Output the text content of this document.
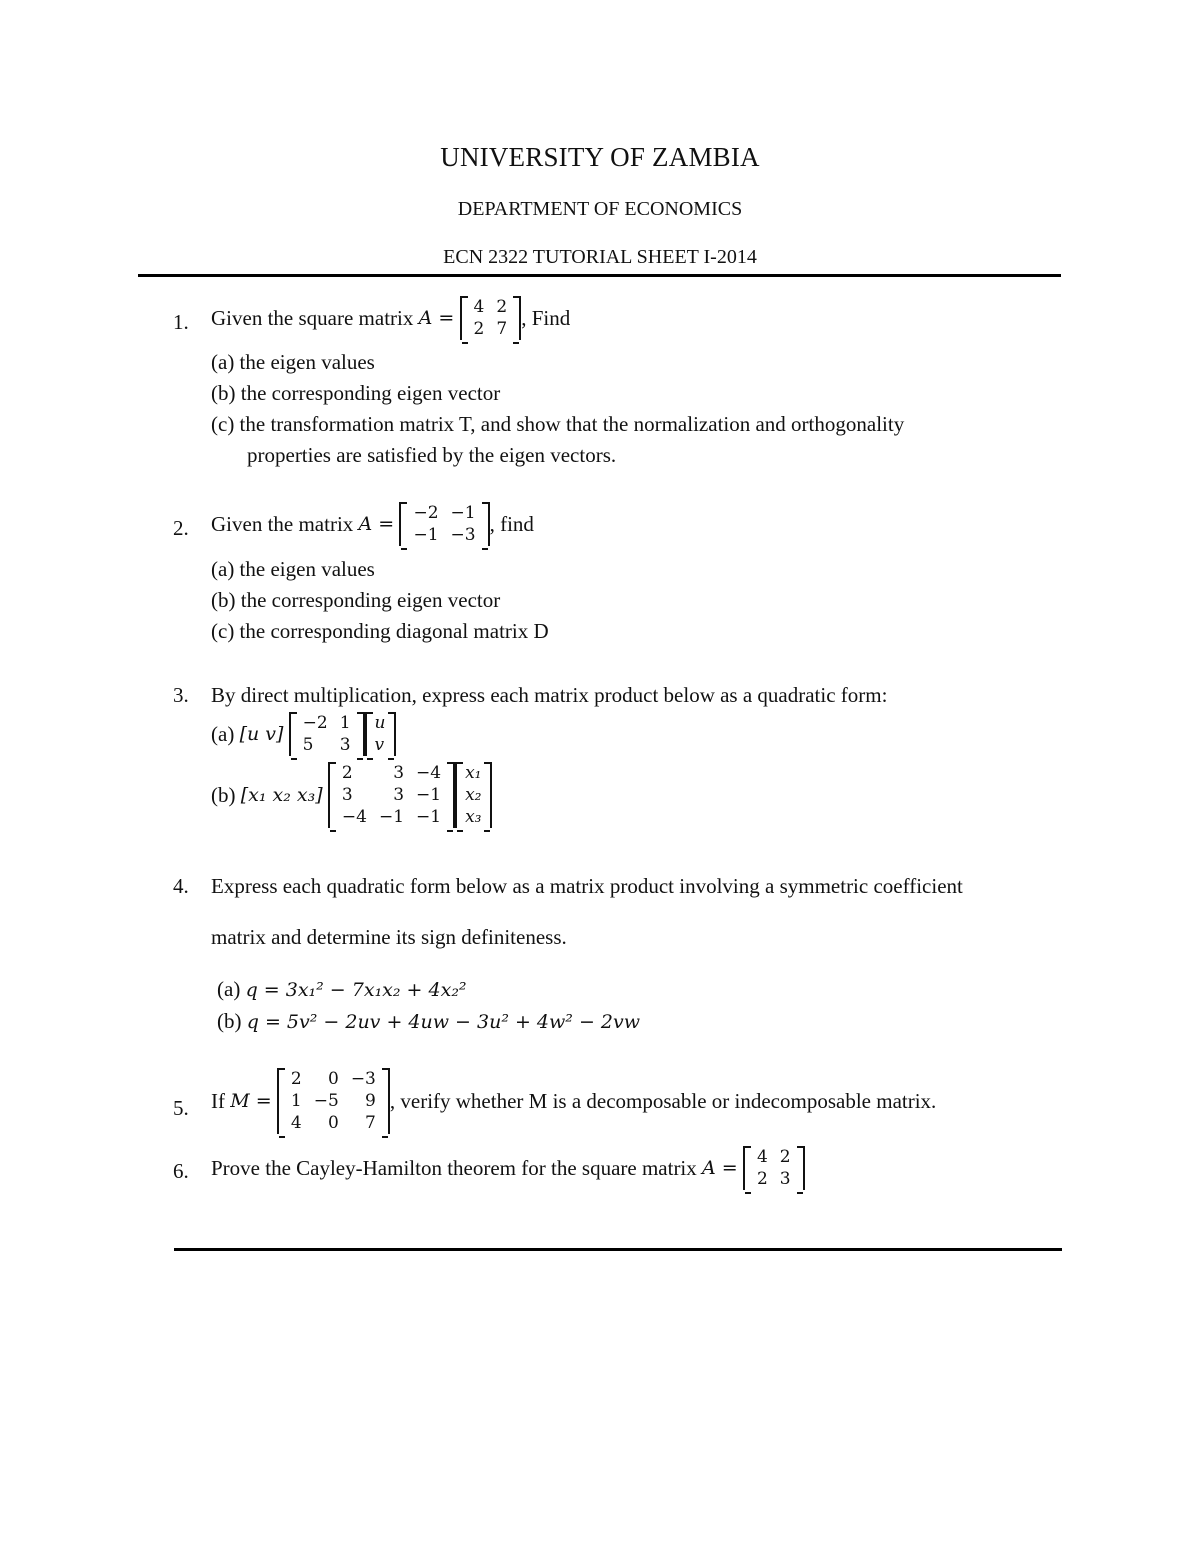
UNIVERSITY OF ZAMBIA
DEPARTMENT OF ECONOMICS
ECN 2322 TUTORIAL SHEET I-2014
1. Given the square matrix
A =
4	2
2	7 , Find
(a) the eigen values
(b) the corresponding eigen vector
(c) the transformation matrix T, and show that the normalization and orthogonality
properties are satisfied by the eigen vectors.
2. Given the matrix
A =
−2	−1
−1	−3 , find
(a) the eigen values
(b) the corresponding eigen vector
(c) the corresponding diagonal matrix D
3. By direct multiplication, express each matrix product below as a quadratic form:
(a)
[u v]
−2	1
5	3
u
v
(b)
[x₁ x₂ x₃]

2	3	−4
3	3	−1
−4	−1	−1
x₁
x₂
x₃
4. Express each quadratic form below as a matrix product involving a symmetric coefficient
matrix and determine its sign definiteness.
(a) q = 3x₁² − 7x₁x₂ + 4x₂²
(b) q = 5v² − 2uv + 4uw − 3u² + 4w² − 2vw
5. If
M =

2	0	−3
1	−5	9
4	0	7
, verify whether M is a decomposable or indecomposable matrix.
6. Prove the Cayley-Hamilton theorem for the square matrix
A =
4	2
2	3
